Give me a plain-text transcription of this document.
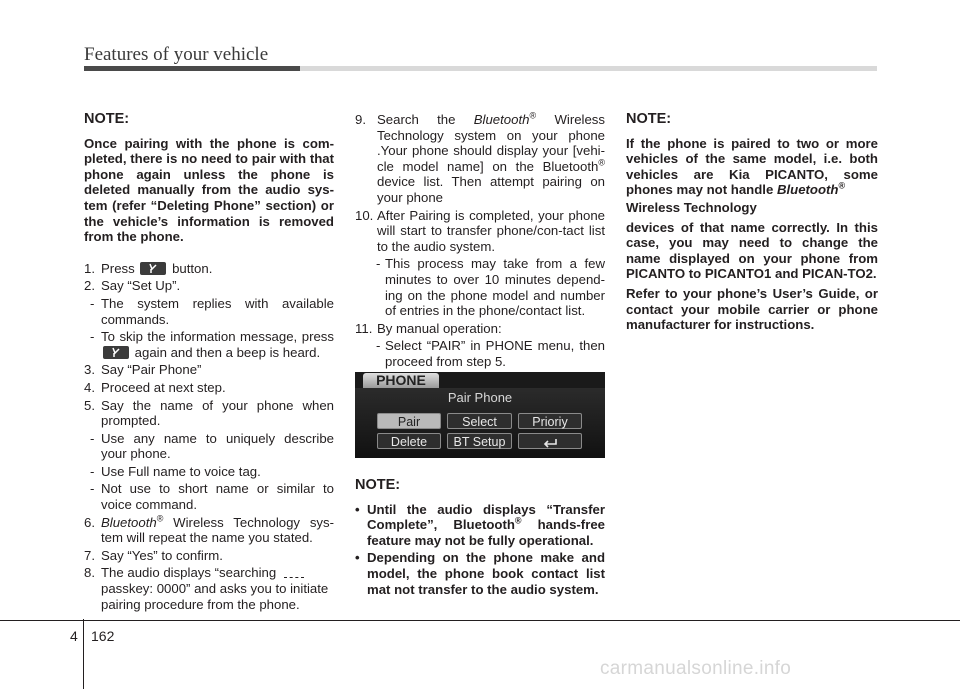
Features of your vehicle
NOTE:

Once pairing with the phone is com-pleted, there is no need to pair with that phone again unless the phone is deleted manually from the audio sys-tem (refer “Deleting Phone” section) or the vehicle’s information is removed from the phone.

1. Press	button.
2. Say “Set Up”.
- The system replies with available commands.
- To skip the information message, press
again and then a beep is heard.
3. Say “Pair Phone”
4. Proceed at next step.
5. Say the name of your phone when prompted.
- Use any name to uniquely describe your phone.
- Use Full name to voice tag.
- Not use to short name or similar to voice command.
6. Bluetooth® Wireless Technology sys-tem will repeat the name you stated.
7. Say “Yes” to confirm.
8. The audio displays “searching
passkey: 0000” and asks you to initiate pairing procedure from the phone.
9. Search the Bluetooth® Wireless Technology system on your phone .Your phone should display your [vehi-cle model name] on the Bluetooth® device list. Then attempt pairing on your phone
10. After Pairing is completed, your phone will start to transfer phone/con-tact list to the audio system.
- This process may take from a few minutes to over 10 minutes depend-ing on the phone model and number of entries in the phone/contact list.
11. By manual operation:
- Select “PAIR” in PHONE menu, then proceed from step 5.
NOTE:
• Until the audio displays “Transfer Complete”, Bluetooth® hands-free feature may not be fully operational.
• Depending on the phone make and model, the phone book contact list mat not transfer to the audio system.
PHONE
Pair Phone
Pair	Select	Prioriy
Delete	BT Setup
NOTE:

If the phone is paired to two or more vehicles of the same model, i.e. both vehicles are Kia PICANTO, some phones may not handle Bluetooth®

Wireless Technology

devices of that name correctly. In this case, you may need to change the name displayed on your phone from PICANTO to PICANTO1 and PICAN-TO2.

Refer to your phone’s User’s Guide, or contact your mobile carrier or phone manufacturer for instructions.

4 162
carmanualsonline.info
